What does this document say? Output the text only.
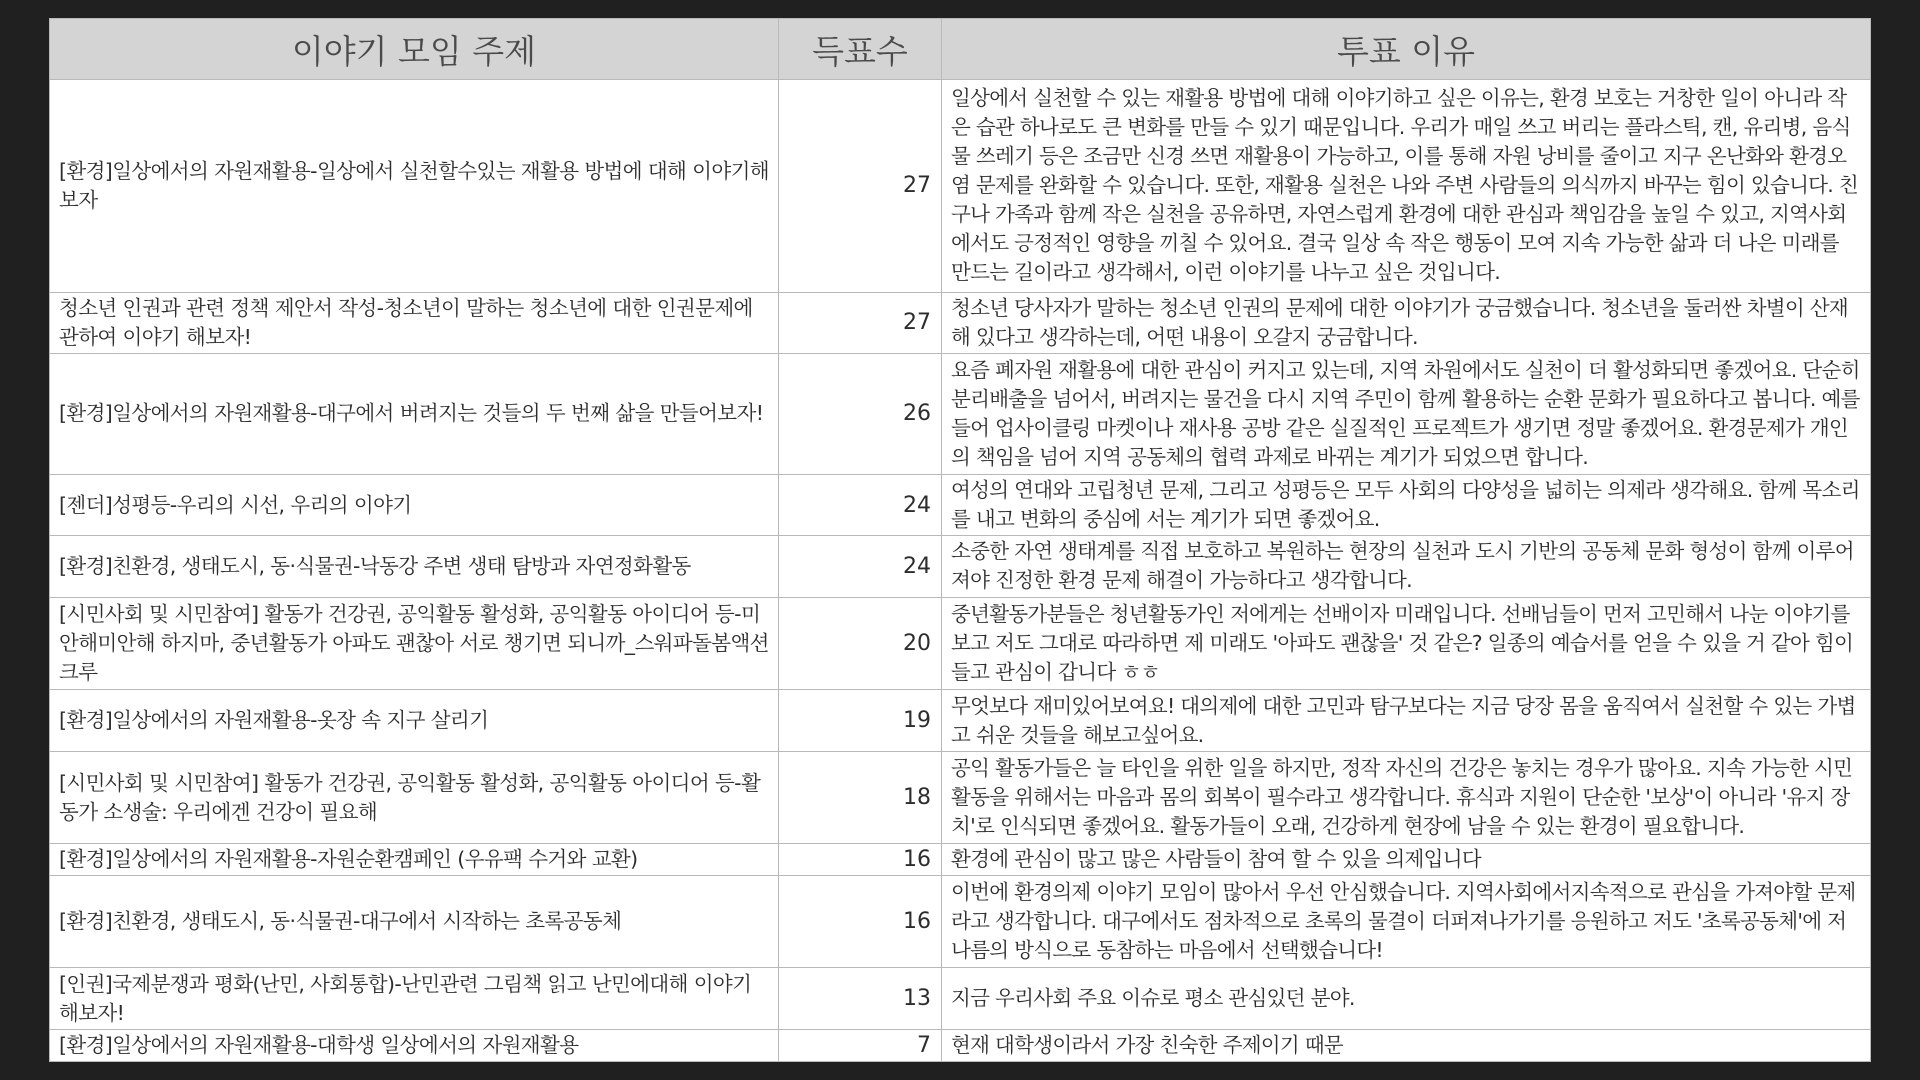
이야기 모임 주제	득표수	투표 이유
[환경]일상에서의 자원재활용-일상에서 실천할수있는 재활용 방법에 대해 이야기해보자	27	일상에서 실천할 수 있는 재활용 방법에 대해 이야기하고 싶은 이유는, 환경 보호는 거창한 일이 아니라 작은 습관 하나로도 큰 변화를 만들 수 있기 때문입니다. 우리가 매일 쓰고 버리는 플라스틱, 캔, 유리병, 음식물 쓰레기 등은 조금만 신경 쓰면 재활용이 가능하고, 이를 통해 자원 낭비를 줄이고 지구 온난화와 환경오염 문제를 완화할 수 있습니다. 또한, 재활용 실천은 나와 주변 사람들의 의식까지 바꾸는 힘이 있습니다. 친구나 가족과 함께 작은 실천을 공유하면, 자연스럽게 환경에 대한 관심과 책임감을 높일 수 있고, 지역사회에서도 긍정적인 영향을 끼칠 수 있어요. 결국 일상 속 작은 행동이 모여 지속 가능한 삶과 더 나은 미래를 만드는 길이라고 생각해서, 이런 이야기를 나누고 싶은 것입니다.
청소년 인권과 관련 정책 제안서 작성-청소년이 말하는 청소년에 대한 인권문제에 관하여 이야기 해보자!	27	청소년 당사자가 말하는 청소년 인권의 문제에 대한 이야기가 궁금했습니다. 청소년을 둘러싼 차별이 산재해 있다고 생각하는데, 어떤 내용이 오갈지 궁금합니다.
[환경]일상에서의 자원재활용-대구에서 버려지는 것들의 두 번째 삶을 만들어보자!	26	요즘 폐자원 재활용에 대한 관심이 커지고 있는데, 지역 차원에서도 실천이 더 활성화되면 좋겠어요. 단순히 분리배출을 넘어서, 버려지는 물건을 다시 지역 주민이 함께 활용하는 순환 문화가 필요하다고 봅니다. 예를 들어 업사이클링 마켓이나 재사용 공방 같은 실질적인 프로젝트가 생기면 정말 좋겠어요. 환경문제가 개인의 책임을 넘어 지역 공동체의 협력 과제로 바뀌는 계기가 되었으면 합니다.
[젠더]성평등-우리의 시선, 우리의 이야기	24	여성의 연대와 고립청년 문제, 그리고 성평등은 모두 사회의 다양성을 넓히는 의제라 생각해요. 함께 목소리를 내고 변화의 중심에 서는 계기가 되면 좋겠어요.
[환경]친환경, 생태도시, 동·식물권-낙동강 주변 생태 탐방과 자연정화활동	24	소중한 자연 생태계를 직접 보호하고 복원하는 현장의 실천과 도시 기반의 공동체 문화 형성이 함께 이루어져야 진정한 환경 문제 해결이 가능하다고 생각합니다.
[시민사회 및 시민참여] 활동가 건강권, 공익활동 활성화, 공익활동 아이디어 등-미안해미안해 하지마, 중년활동가 아파도 괜찮아 서로 챙기면 되니까_스워파돌봄액션크루	20	중년활동가분들은 청년활동가인 저에게는 선배이자 미래입니다. 선배님들이 먼저 고민해서 나눈 이야기를 보고 저도 그대로 따라하면 제 미래도 '아파도 괜찮을' 것 같은? 일종의 예습서를 얻을 수 있을 거 같아 힘이 들고 관심이 갑니다 ㅎㅎ
[환경]일상에서의 자원재활용-옷장 속 지구 살리기	19	무엇보다 재미있어보여요! 대의제에 대한 고민과 탐구보다는 지금 당장 몸을 움직여서 실천할 수 있는 가볍고 쉬운 것들을 해보고싶어요.
[시민사회 및 시민참여] 활동가 건강권, 공익활동 활성화, 공익활동 아이디어 등-활동가 소생술: 우리에겐 건강이 필요해	18	공익 활동가들은 늘 타인을 위한 일을 하지만, 정작 자신의 건강은 놓치는 경우가 많아요. 지속 가능한 시민활동을 위해서는 마음과 몸의 회복이 필수라고 생각합니다. 휴식과 지원이 단순한 '보상'이 아니라 '유지 장치'로 인식되면 좋겠어요. 활동가들이 오래, 건강하게 현장에 남을 수 있는 환경이 필요합니다.
[환경]일상에서의 자원재활용-자원순환캠페인 (우유팩 수거와 교환)	16	환경에 관심이 많고 많은 사람들이 참여 할 수 있을 의제입니다
[환경]친환경, 생태도시, 동·식물권-대구에서 시작하는 초록공동체	16	이번에 환경의제 이야기 모임이 많아서 우선 안심했습니다. 지역사회에서지속적으로 관심을 가져야할 문제라고 생각합니다. 대구에서도 점차적으로 초록의 물결이 더퍼져나가기를 응원하고 저도 '초록공동체'에 저나름의 방식으로 동참하는 마음에서 선택했습니다!
[인권]국제분쟁과 평화(난민, 사회통합)-난민관련 그림책 읽고 난민에대해 이야기 해보자!	13	지금 우리사회 주요 이슈로 평소 관심있던 분야.
[환경]일상에서의 자원재활용-대학생 일상에서의 자원재활용	7	현재 대학생이라서 가장 친숙한 주제이기 때문
